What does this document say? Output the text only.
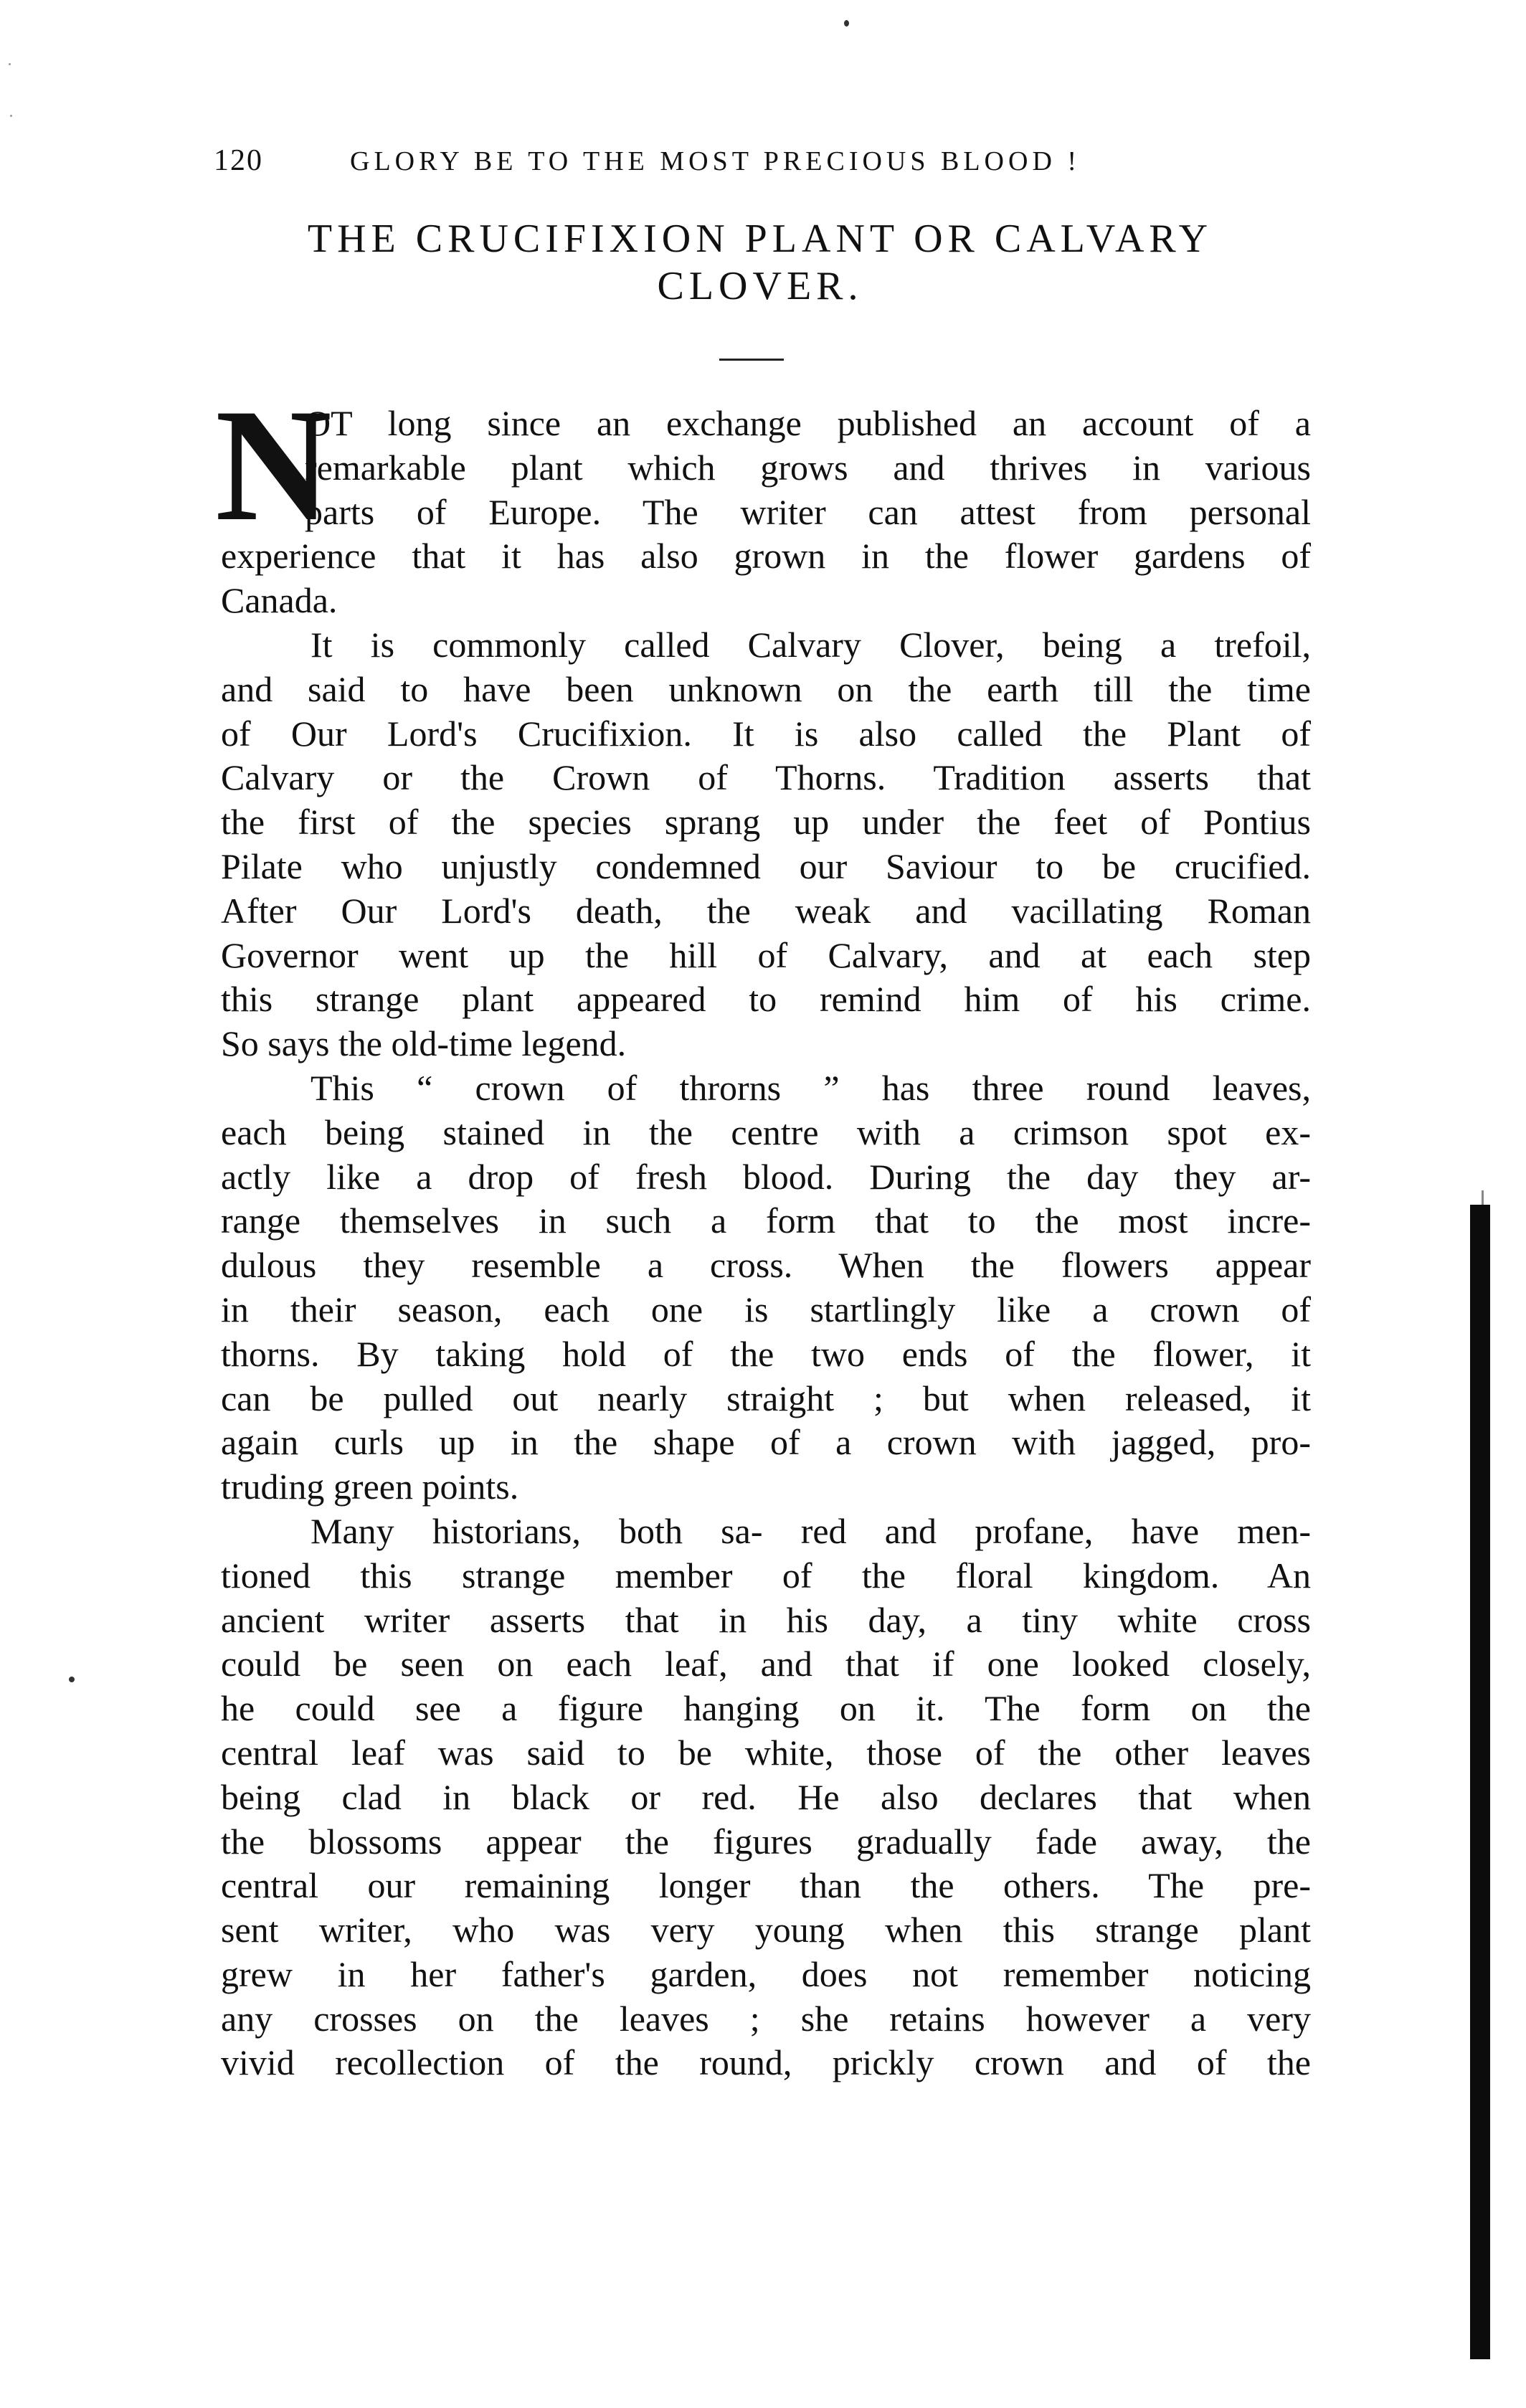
120	GLORY BE TO THE MOST PRECIOUS BLOOD !
THE CRUCIFIXION PLANT OR CALVARY
CLOVER.
N
OT long since an exchange published an account of a
remarkable plant which grows and thrives in various
parts of Europe. The writer can attest from personal
experience that it has also grown in the flower gardens of
Canada.
It is commonly called Calvary Clover, being a trefoil,
and said to have been unknown on the earth till the time
of Our Lord's Crucifixion. It is also called the Plant of
Calvary or the Crown of Thorns. Tradition asserts that
the first of the species sprang up under the feet of Pontius
Pilate who unjustly condemned our Saviour to be crucified.
After Our Lord's death, the weak and vacillating Roman
Governor went up the hill of Calvary, and at each step
this strange plant appeared to remind him of his crime.
So says the old-time legend.
This “ crown of throrns ” has three round leaves,
each being stained in the centre with a crimson spot ex-
actly like a drop of fresh blood. During the day they ar-
range themselves in such a form that to the most incre-
dulous they resemble a cross. When the flowers appear
in their season, each one is startlingly like a crown of
thorns. By taking hold of the two ends of the flower, it
can be pulled out nearly straight ; but when released, it
again curls up in the shape of a crown with jagged, pro-
truding green points.
Many historians, both sa- red and profane, have men-
tioned this strange member of the floral kingdom. An
ancient writer asserts that in his day, a tiny white cross
could be seen on each leaf, and that if one looked closely,
he could see a figure hanging on it. The form on the
central leaf was said to be white, those of the other leaves
being clad in black or red. He also declares that when
the blossoms appear the figures gradually fade away, the
central our remaining longer than the others. The pre-
sent writer, who was very young when this strange plant
grew in her father's garden, does not remember noticing
any crosses on the leaves ; she retains however a very
vivid recollection of the round, prickly crown and of the
